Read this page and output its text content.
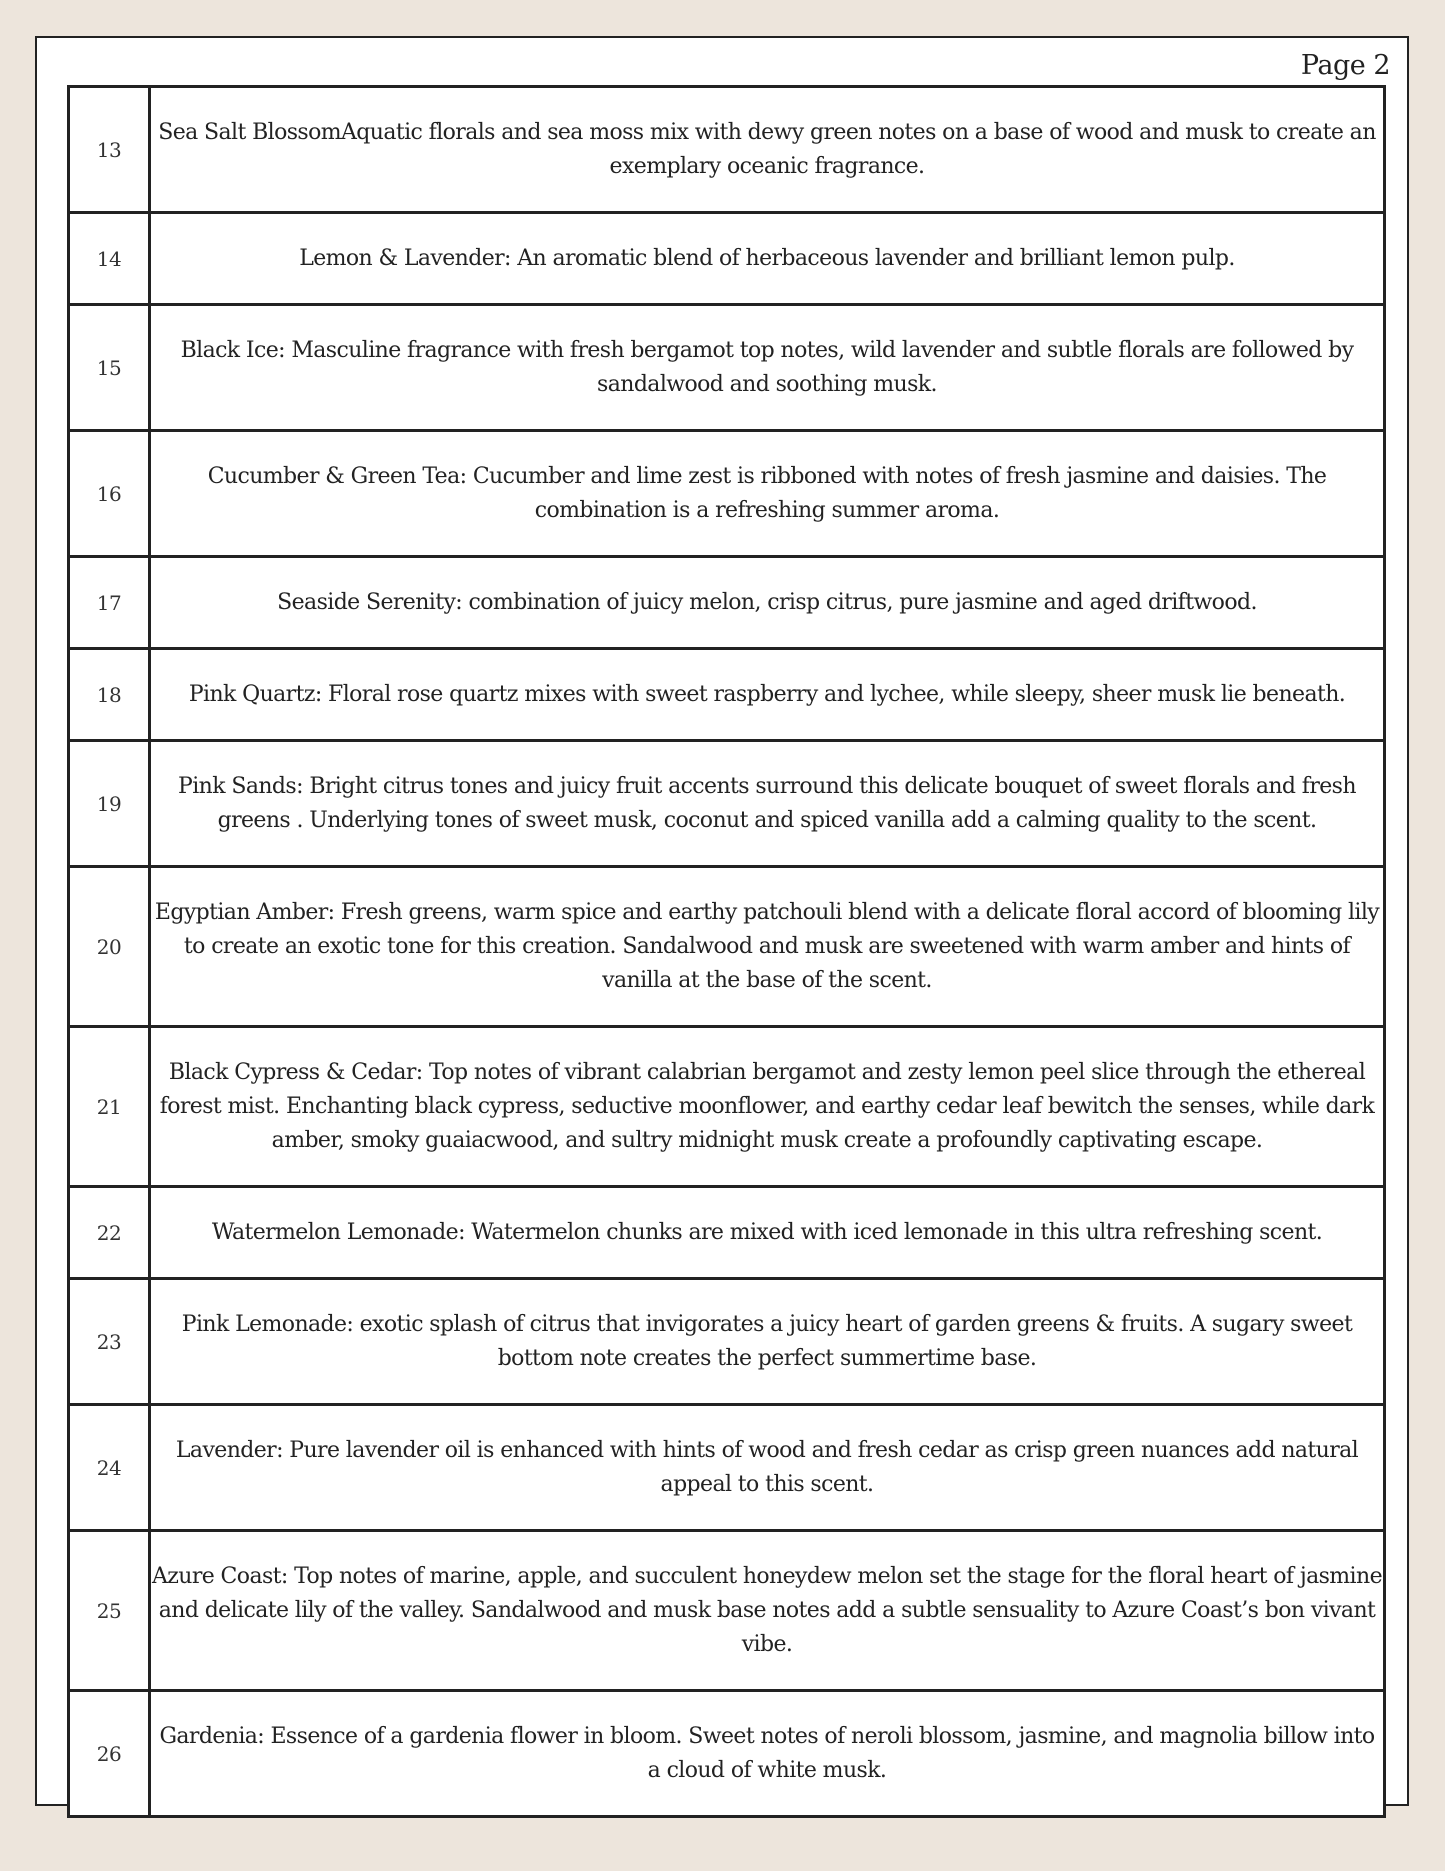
Page 2
13	Sea Salt BlossomAquatic florals and sea moss mix with dewy green notes on a base of wood and musk to create an exemplary oceanic fragrance.

14	Lemon & Lavender: An aromatic blend of herbaceous lavender and brilliant lemon pulp.

15	Black Ice: Masculine fragrance with fresh bergamot top notes, wild lavender and subtle florals are followed by sandalwood and soothing musk.

16	Cucumber & Green Tea: Cucumber and lime zest is ribboned with notes of fresh jasmine and daisies. The combination is a refreshing summer aroma.

17	Seaside Serenity: combination of juicy melon, crisp citrus, pure jasmine and aged driftwood.

18	Pink Quartz: Floral rose quartz mixes with sweet raspberry and lychee, while sleepy, sheer musk lie beneath.

19	Pink Sands: Bright citrus tones and juicy fruit accents surround this delicate bouquet of sweet florals and fresh greens . Underlying tones of sweet musk, coconut and spiced vanilla add a calming quality to the scent.

20	Egyptian Amber: Fresh greens, warm spice and earthy patchouli blend with a delicate floral accord of blooming lily to create an exotic tone for this creation. Sandalwood and musk are sweetened with warm amber and hints of vanilla at the base of the scent.

21	Black Cypress & Cedar: Top notes of vibrant calabrian bergamot and zesty lemon peel slice through the ethereal forest mist. Enchanting black cypress, seductive moonflower, and earthy cedar leaf bewitch the senses, while dark amber, smoky guaiacwood, and sultry midnight musk create a profoundly captivating escape.

22	Watermelon Lemonade: Watermelon chunks are mixed with iced lemonade in this ultra refreshing scent.

23	Pink Lemonade: exotic splash of citrus that invigorates a juicy heart of garden greens & fruits. A sugary sweet bottom note creates the perfect summertime base.

24	Lavender: Pure lavender oil is enhanced with hints of wood and fresh cedar as crisp green nuances add natural appeal to this scent.

25	Azure Coast: Top notes of marine, apple, and succulent honeydew melon set the stage for the floral heart of jasmine and delicate lily of the valley. Sandalwood and musk base notes add a subtle sensuality to Azure Coast’s bon vivant vibe.

26	Gardenia: Essence of a gardenia flower in bloom. Sweet notes of neroli blossom, jasmine, and magnolia billow into a cloud of white musk.
